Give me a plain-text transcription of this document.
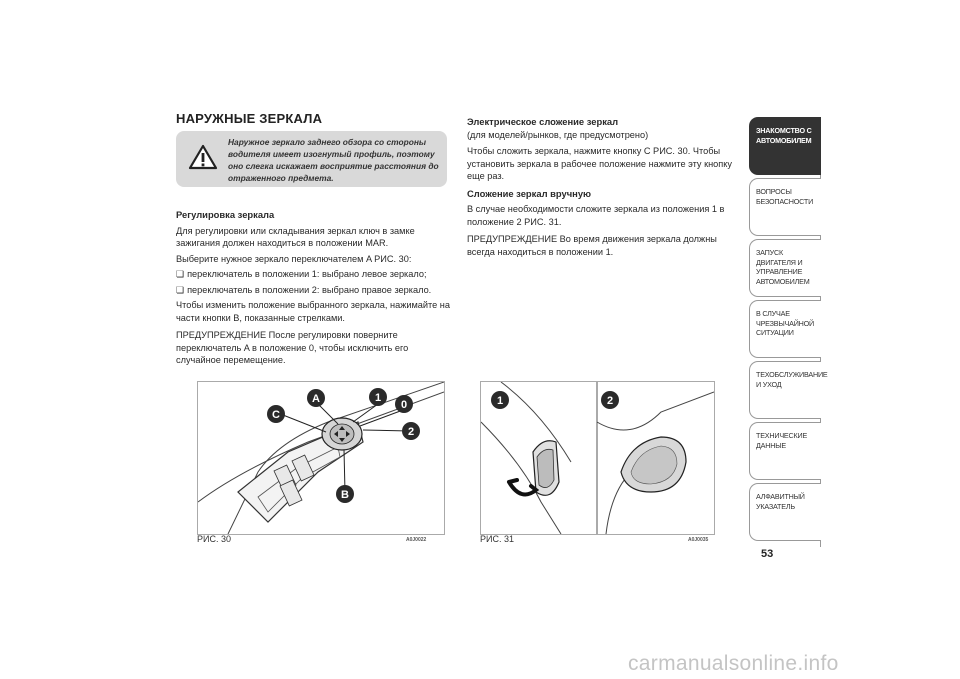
НАРУЖНЫЕ ЗЕРКАЛА
Наружное зеркало заднего обзора со стороны водителя имеет изогнутый профиль, поэтому оно слегка искажает восприятие расстояния до отраженного предмета.
Регулировка зеркала
Для регулировки или складывания зеркал ключ в замке зажигания должен находиться в положении MAR.
Выберите нужное зеркало переключателем A РИС. 30:
❏ переключатель в положении 1: выбрано левое зеркало;
❏ переключатель в положении 2: выбрано правое зеркало.
Чтобы изменить положение выбранного зеркала, нажимайте на части кнопки B, показанные стрелками.
ПРЕДУПРЕЖДЕНИЕ После регулировки поверните переключатель A в положение 0, чтобы исключить его случайное перемещение.
Электрическое сложение зеркал
(для моделей/рынков, где предусмотрено)
Чтобы сложить зеркала, нажмите кнопку C РИС. 30. Чтобы установить зеркала в рабочее положение нажмите эту кнопку еще раз.
Сложение зеркал вручную
В случае необходимости сложите зеркала из положения 1 в положение 2 РИС. 31.
ПРЕДУПРЕЖДЕНИЕ Во время движения зеркала должны всегда находиться в положении 1.
A	1
0
2
C
B
РИС. 30	A0J0022
1	2
РИС. 31	A0J0035
ЗНАКОМСТВО С АВТОМОБИЛЕМ
ВОПРОСЫ БЕЗОПАСНОСТИ
ЗАПУСК ДВИГАТЕЛЯ И УПРАВЛЕНИЕ АВТОМОБИЛЕМ
В СЛУЧАЕ ЧРЕЗВЫЧАЙНОЙ СИТУАЦИИ
ТЕХОБСЛУЖИВАНИЕ И УХОД
ТЕХНИЧЕСКИЕ ДАННЫЕ
АЛФАВИТНЫЙ УКАЗАТЕЛЬ
53
carmanualsonline.info
